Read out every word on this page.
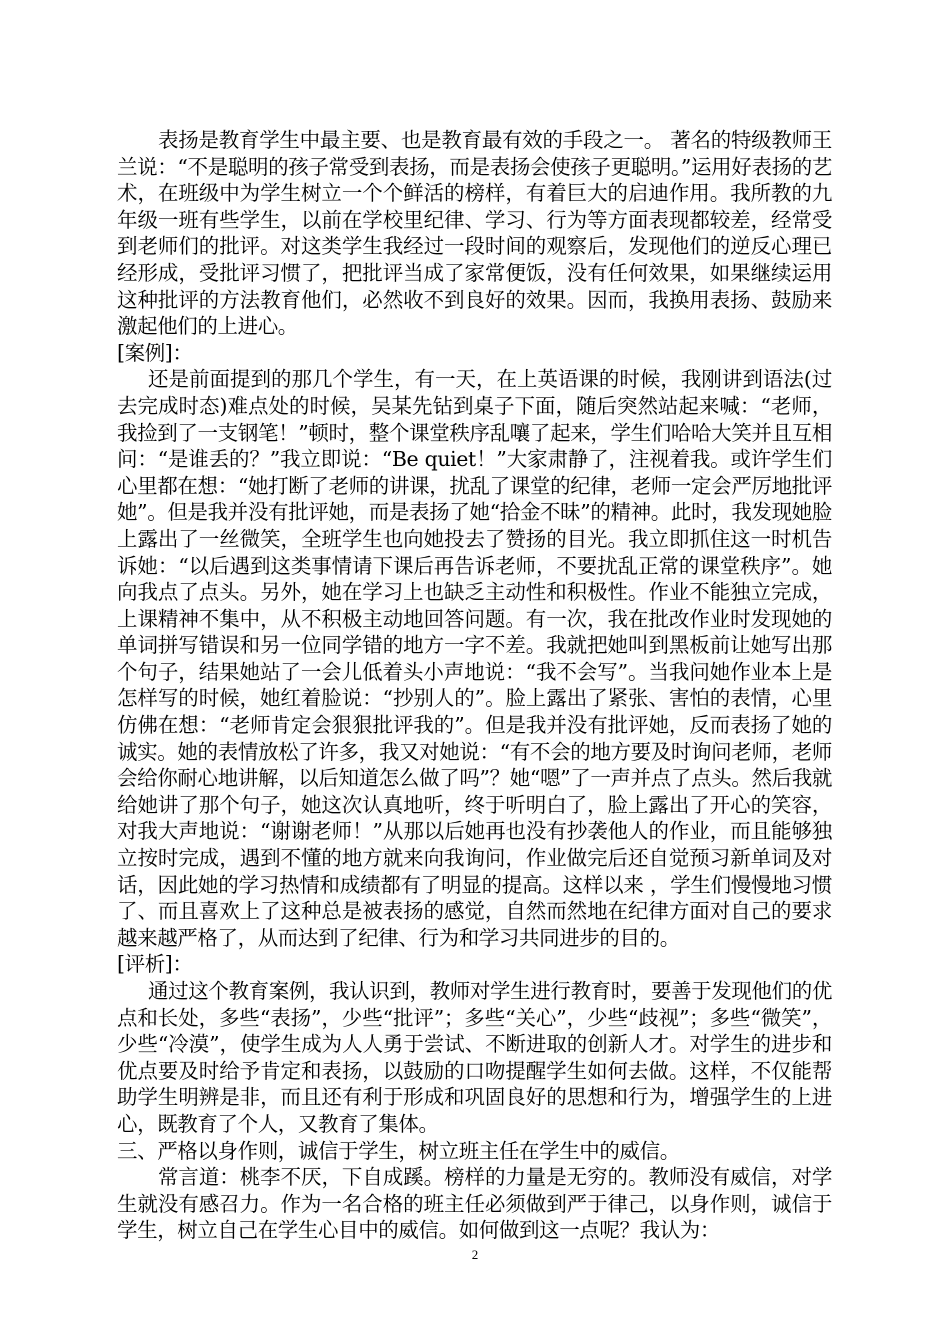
表扬是教育学生中最主要、也是教育最有效的手段之一。 著名的特级教师王兰说：“不是聪明的孩子常受到表扬，而是表扬会使孩子更聪明。”运用好表扬的艺术，在班级中为学生树立一个个鲜活的榜样，有着巨大的启迪作用。我所教的九年级一班有些学生，以前在学校里纪律、学习、行为等方面表现都较差，经常受到老师们的批评。对这类学生我经过一段时间的观察后，发现他们的逆反心理已经形成，受批评习惯了，把批评当成了家常便饭，没有任何效果，如果继续运用这种批评的方法教育他们，必然收不到良好的效果。因而，我换用表扬、鼓励来激起他们的上进心。

[案例]：

还是前面提到的那几个学生，有一天，在上英语课的时候，我刚讲到语法(过去完成时态)难点处的时候，吴某先钻到桌子下面，随后突然站起来喊：“老师，我捡到了一支钢笔！”顿时，整个课堂秩序乱嚷了起来，学生们哈哈大笑并且互相问：“是谁丢的？”我立即说：“Be quiet！”大家肃静了，注视着我。或许学生们心里都在想：“她打断了老师的讲课，扰乱了课堂的纪律，老师一定会严厉地批评她”。但是我并没有批评她，而是表扬了她“拾金不昧”的精神。此时，我发现她脸上露出了一丝微笑，全班学生也向她投去了赞扬的目光。我立即抓住这一时机告诉她：“以后遇到这类事情请下课后再告诉老师，不要扰乱正常的课堂秩序”。她向我点了点头。另外，她在学习上也缺乏主动性和积极性。作业不能独立完成，上课精神不集中，从不积极主动地回答问题。有一次，我在批改作业时发现她的单词拼写错误和另一位同学错的地方一字不差。我就把她叫到黑板前让她写出那个句子，结果她站了一会儿低着头小声地说：“我不会写”。当我问她作业本上是怎样写的时候，她红着脸说：“抄别人的”。脸上露出了紧张、害怕的表情，心里仿佛在想：“老师肯定会狠狠批评我的”。但是我并没有批评她，反而表扬了她的诚实。她的表情放松了许多，我又对她说：“有不会的地方要及时询问老师，老师会给你耐心地讲解，以后知道怎么做了吗”？她“嗯”了一声并点了点头。然后我就给她讲了那个句子，她这次认真地听，终于听明白了，脸上露出了开心的笑容，对我大声地说：“谢谢老师！”从那以后她再也没有抄袭他人的作业，而且能够独立按时完成，遇到不懂的地方就来向我询问，作业做完后还自觉预习新单词及对话，因此她的学习热情和成绩都有了明显的提高。这样以来 ，学生们慢慢地习惯了、而且喜欢上了这种总是被表扬的感觉，自然而然地在纪律方面对自己的要求越来越严格了，从而达到了纪律、行为和学习共同进步的目的。

[评析]：

通过这个教育案例，我认识到，教师对学生进行教育时，要善于发现他们的优点和长处，多些“表扬”，少些“批评”；多些“关心”，少些“歧视”；多些“微笑”，少些“冷漠”，使学生成为人人勇于尝试、不断进取的创新人才。对学生的进步和优点要及时给予肯定和表扬，以鼓励的口吻提醒学生如何去做。这样，不仅能帮助学生明辨是非，而且还有利于形成和巩固良好的思想和行为，增强学生的上进心，既教育了个人，又教育了集体。

三、严格以身作则，诚信于学生，树立班主任在学生中的威信。

常言道：桃李不厌，下自成蹊。榜样的力量是无穷的。教师没有威信，对学生就没有感召力。作为一名合格的班主任必须做到严于律己，以身作则，诚信于学生，树立自己在学生心目中的威信。如何做到这一点呢？我认为：

2
